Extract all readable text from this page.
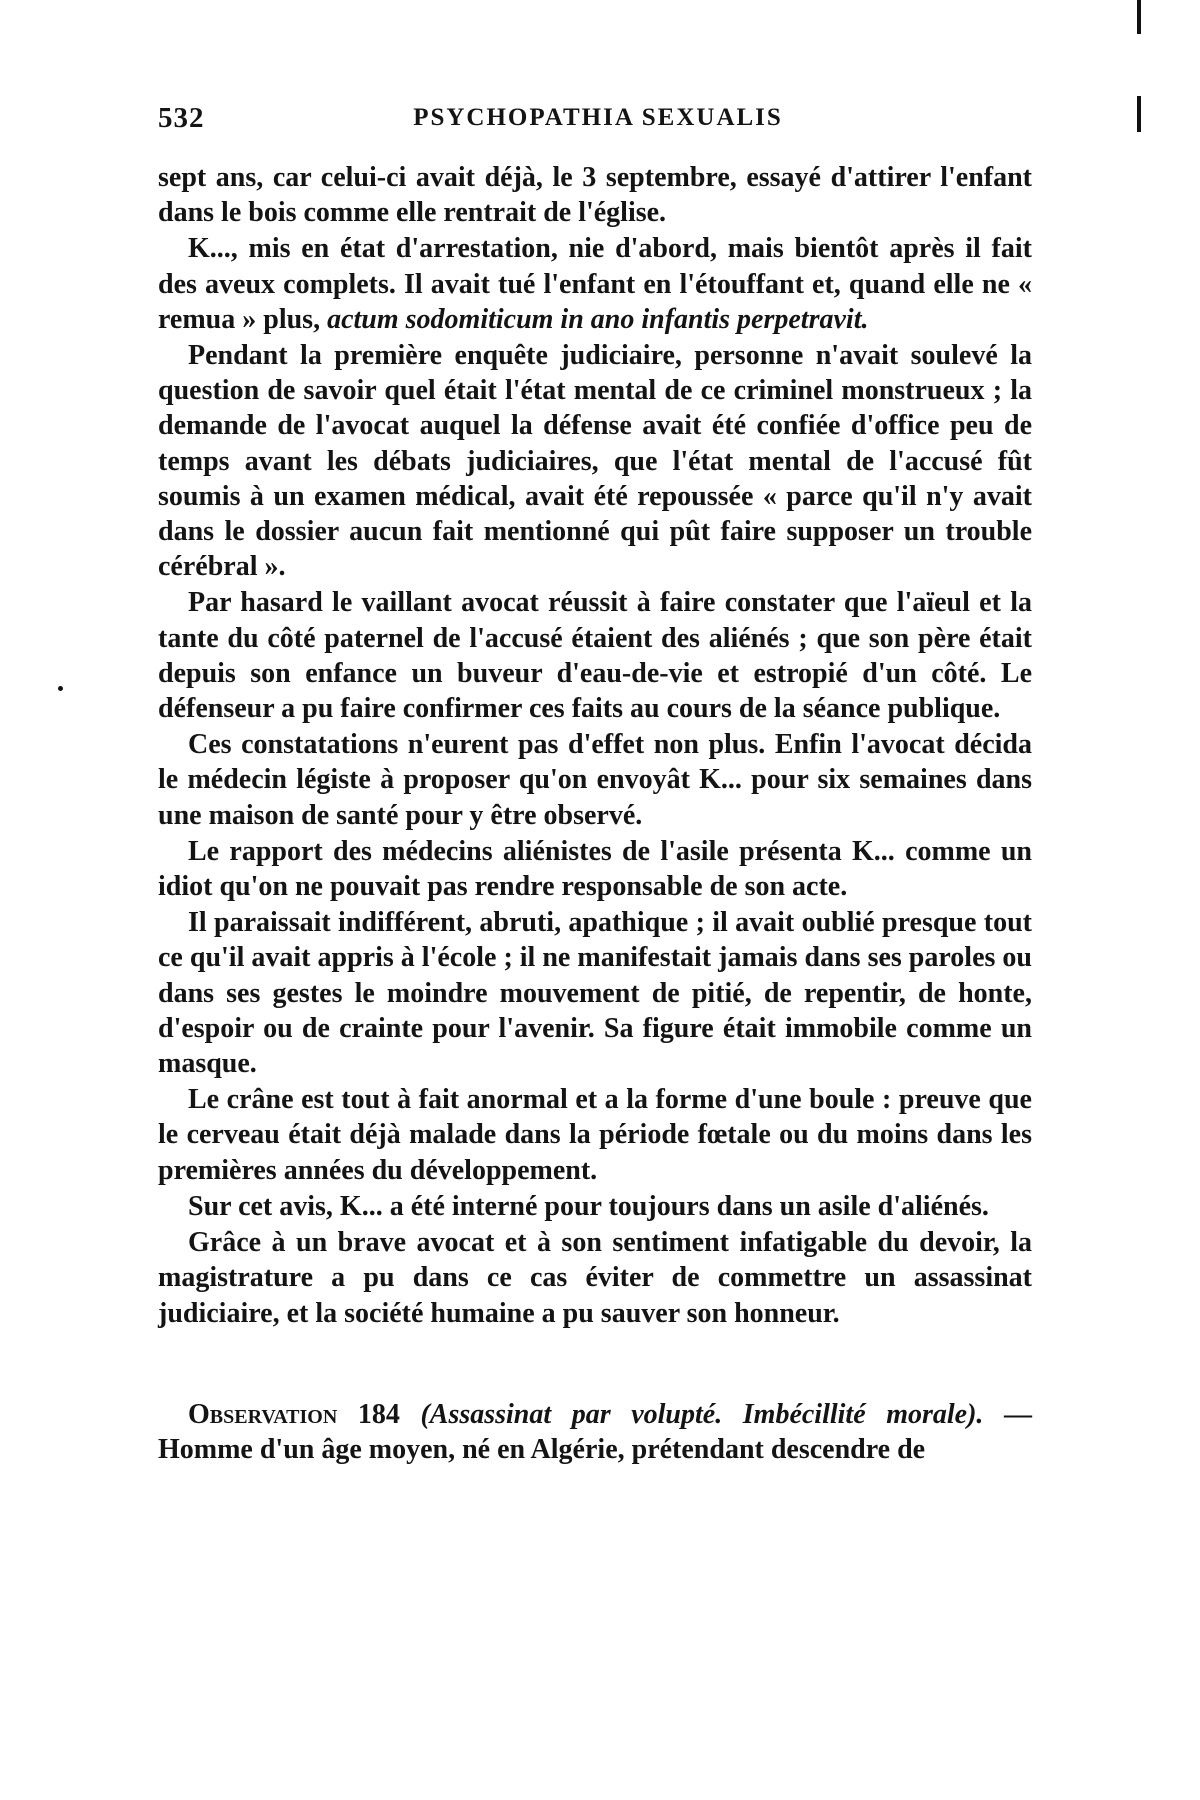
532	PSYCHOPATHIA SEXUALIS

sept ans, car celui-ci avait déjà, le 3 septembre, essayé d'attirer l'enfant dans le bois comme elle rentrait de l'église.

K..., mis en état d'arrestation, nie d'abord, mais bientôt après il fait des aveux complets. Il avait tué l'enfant en l'étouffant et, quand elle ne « remua » plus, actum sodomiticum in ano infantis perpetravit.

Pendant la première enquête judiciaire, personne n'avait soulevé la question de savoir quel était l'état mental de ce criminel monstrueux ; la demande de l'avocat auquel la défense avait été confiée d'office peu de temps avant les débats judiciaires, que l'état mental de l'accusé fût soumis à un examen médical, avait été repoussée « parce qu'il n'y avait dans le dossier aucun fait mentionné qui pût faire supposer un trouble cérébral ».

Par hasard le vaillant avocat réussit à faire constater que l'aïeul et la tante du côté paternel de l'accusé étaient des aliénés ; que son père était depuis son enfance un buveur d'eau-de-vie et estropié d'un côté. Le défenseur a pu faire confirmer ces faits au cours de la séance publique.

Ces constatations n'eurent pas d'effet non plus. Enfin l'avocat décida le médecin légiste à proposer qu'on envoyât K... pour six semaines dans une maison de santé pour y être observé.

Le rapport des médecins aliénistes de l'asile présenta K... comme un idiot qu'on ne pouvait pas rendre responsable de son acte.

Il paraissait indifférent, abruti, apathique ; il avait oublié presque tout ce qu'il avait appris à l'école ; il ne manifestait jamais dans ses paroles ou dans ses gestes le moindre mouvement de pitié, de repentir, de honte, d'espoir ou de crainte pour l'avenir. Sa figure était immobile comme un masque.

Le crâne est tout à fait anormal et a la forme d'une boule : preuve que le cerveau était déjà malade dans la période fœtale ou du moins dans les premières années du développement.

Sur cet avis, K... a été interné pour toujours dans un asile d'aliénés.

Grâce à un brave avocat et à son sentiment infatigable du devoir, la magistrature a pu dans ce cas éviter de commettre un assassinat judiciaire, et la société humaine a pu sauver son honneur.

Observation 184 (Assassinat par volupté. Imbécillité morale). — Homme d'un âge moyen, né en Algérie, prétendant descendre de
